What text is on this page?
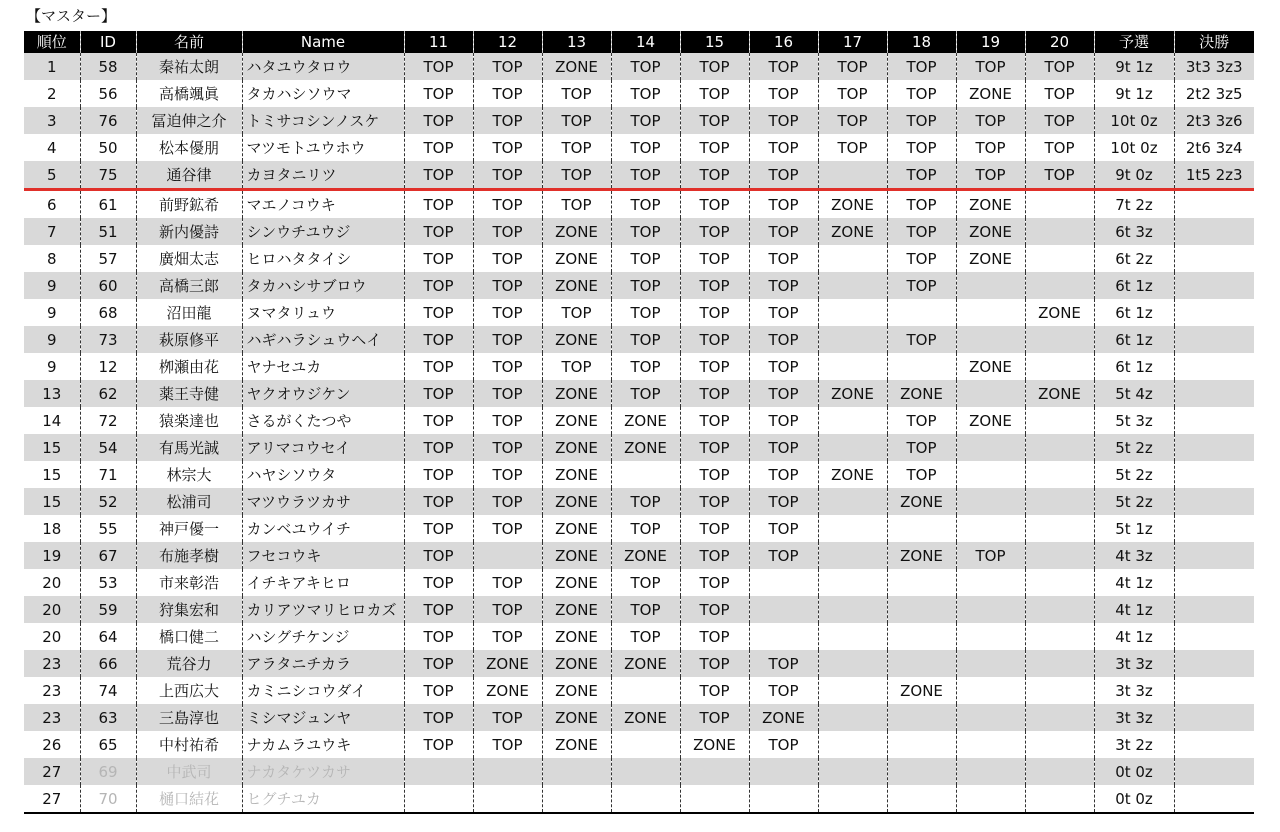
【マスター】
順位	ID	名前	Name	11	12	13	14	15	16	17	18	19	20	予選	決勝
1	58	秦祐太朗	ハタユウタロウ	TOP	TOP	ZONE	TOP	TOP	TOP	TOP	TOP	TOP	TOP	9t 1z	3t3 3z3
2	56	高橋颯眞	タカハシソウマ	TOP	TOP	TOP	TOP	TOP	TOP	TOP	TOP	ZONE	TOP	9t 1z	2t2 3z5
3	76	冨迫伸之介	トミサコシンノスケ	TOP	TOP	TOP	TOP	TOP	TOP	TOP	TOP	TOP	TOP	10t 0z	2t3 3z6
4	50	松本優朋	マツモトユウホウ	TOP	TOP	TOP	TOP	TOP	TOP	TOP	TOP	TOP	TOP	10t 0z	2t6 3z4
5	75	通谷律	カヨタニリツ	TOP	TOP	TOP	TOP	TOP	TOP		TOP	TOP	TOP	9t 0z	1t5 2z3
6	61	前野鉱希	マエノコウキ	TOP	TOP	TOP	TOP	TOP	TOP	ZONE	TOP	ZONE		7t 2z	
7	51	新内優詩	シンウチユウジ	TOP	TOP	ZONE	TOP	TOP	TOP	ZONE	TOP	ZONE		6t 3z	
8	57	廣畑太志	ヒロハタタイシ	TOP	TOP	ZONE	TOP	TOP	TOP		TOP	ZONE		6t 2z	
9	60	高橋三郎	タカハシサブロウ	TOP	TOP	ZONE	TOP	TOP	TOP		TOP			6t 1z	
9	68	沼田龍	ヌマタリュウ	TOP	TOP	TOP	TOP	TOP	TOP				ZONE	6t 1z	
9	73	萩原修平	ハギハラシュウヘイ	TOP	TOP	ZONE	TOP	TOP	TOP		TOP			6t 1z	
9	12	栁瀬由花	ヤナセユカ	TOP	TOP	TOP	TOP	TOP	TOP			ZONE		6t 1z	
13	62	薬王寺健	ヤクオウジケン	TOP	TOP	ZONE	TOP	TOP	TOP	ZONE	ZONE		ZONE	5t 4z	
14	72	猿楽達也	さるがくたつや	TOP	TOP	ZONE	ZONE	TOP	TOP		TOP	ZONE		5t 3z	
15	54	有馬光誠	アリマコウセイ	TOP	TOP	ZONE	ZONE	TOP	TOP		TOP			5t 2z	
15	71	林宗大	ハヤシソウタ	TOP	TOP	ZONE		TOP	TOP	ZONE	TOP			5t 2z	
15	52	松浦司	マツウラツカサ	TOP	TOP	ZONE	TOP	TOP	TOP		ZONE			5t 2z	
18	55	神戸優一	カンベユウイチ	TOP	TOP	ZONE	TOP	TOP	TOP					5t 1z	
19	67	布施孝樹	フセコウキ	TOP		ZONE	ZONE	TOP	TOP		ZONE	TOP		4t 3z	
20	53	市来彰浩	イチキアキヒロ	TOP	TOP	ZONE	TOP	TOP						4t 1z	
20	59	狩集宏和	カリアツマリヒロカズ	TOP	TOP	ZONE	TOP	TOP						4t 1z	
20	64	橋口健二	ハシグチケンジ	TOP	TOP	ZONE	TOP	TOP						4t 1z	
23	66	荒谷力	アラタニチカラ	TOP	ZONE	ZONE	ZONE	TOP	TOP					3t 3z	
23	74	上西広大	カミニシコウダイ	TOP	ZONE	ZONE		TOP	TOP		ZONE			3t 3z	
23	63	三島淳也	ミシマジュンヤ	TOP	TOP	ZONE	ZONE	TOP	ZONE					3t 3z	
26	65	中村祐希	ナカムラユウキ	TOP	TOP	ZONE		ZONE	TOP					3t 2z	
27	69	中武司	ナカタケツカサ											0t 0z	
27	70	樋口結花	ヒグチユカ											0t 0z	
